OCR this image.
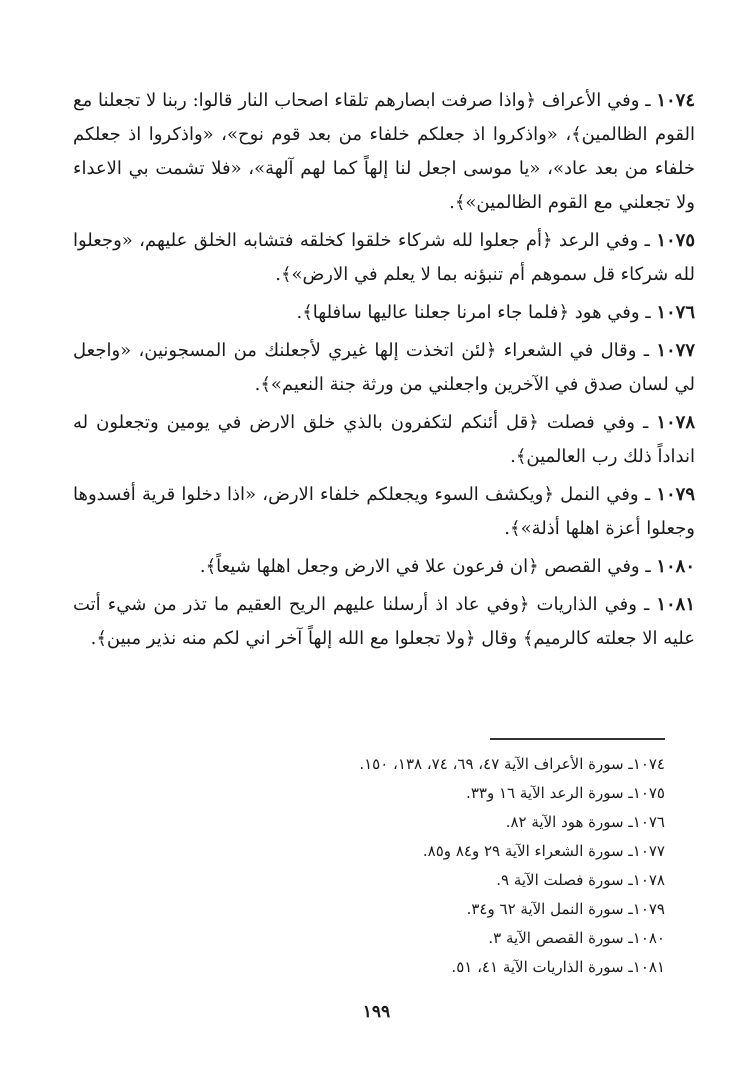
١٠٧٤ ـ وفي الأعراف ﴿واذا صرفت ابصارهم تلقاء اصحاب النار قالوا: ربنا لا تجعلنا مع القوم الظالمين﴾، «واذكروا اذ جعلكم خلفاء من بعد قوم نوح»، «واذكروا اذ جعلكم خلفاء من بعد عاد»، «يا موسى اجعل لنا إلهاً كما لهم آلهة»، «فلا تشمت بي الاعداء ولا تجعلني مع القوم الظالمين»﴾.

١٠٧٥ ـ وفي الرعد ﴿أم جعلوا لله شركاء خلقوا كخلقه فتشابه الخلق عليهم، «وجعلوا لله شركاء قل سموهم أم تنبؤنه بما لا يعلم في الارض»﴾.

١٠٧٦ ـ وفي هود ﴿فلما جاء امرنا جعلنا عاليها سافلها﴾.

١٠٧٧ ـ وقال في الشعراء ﴿لئن اتخذت إلها غيري لأجعلنك من المسجونين، «واجعل لي لسان صدق في الآخرين واجعلني من ورثة جنة النعيم»﴾.

١٠٧٨ ـ وفي فصلت ﴿قل أئنكم لتكفرون بالذي خلق الارض في يومين وتجعلون له انداداً ذلك رب العالمين﴾.

١٠٧٩ ـ وفي النمل ﴿ويكشف السوء ويجعلكم خلفاء الارض، «اذا دخلوا قرية أفسدوها وجعلوا أعزة اهلها أذلة»﴾.

١٠٨٠ ـ وفي القصص ﴿ان فرعون علا في الارض وجعل اهلها شيعاً﴾.

١٠٨١ ـ وفي الذاريات ﴿وفي عاد اذ أرسلنا عليهم الريح العقيم ما تذر من شيء أتت عليه الا جعلته كالرميم﴾ وقال ﴿ولا تجعلوا مع الله إلهاً آخر اني لكم منه نذير مبين﴾.

١٠٧٤ـ سورة الأعراف الآية ٤٧، ٦٩، ٧٤، ١٣٨، ١٥٠.
١٠٧٥ـ سورة الرعد الآية ١٦ و٣٣.
١٠٧٦ـ سورة هود الآية ٨٢.
١٠٧٧ـ سورة الشعراء الآية ٢٩ و٨٤ و٨٥.
١٠٧٨ـ سورة فصلت الآية ٩.
١٠٧٩ـ سورة النمل الآية ٦٢ و٣٤.
١٠٨٠ـ سورة القصص الآية ٣.
١٠٨١ـ سورة الذاريات الآية ٤١، ٥١.
١٩٩
